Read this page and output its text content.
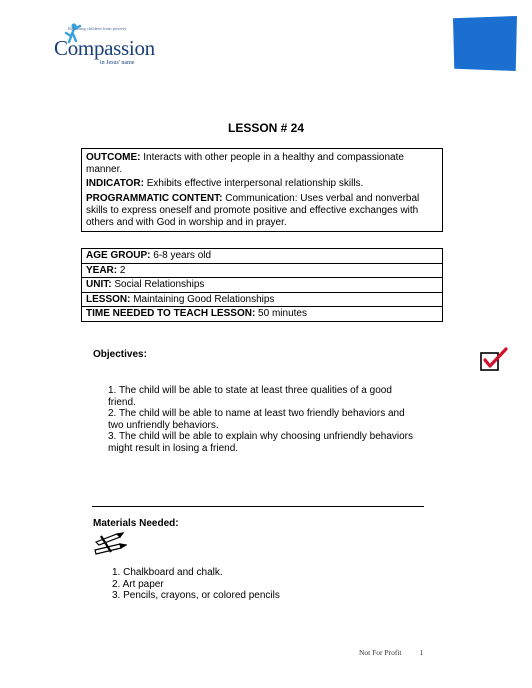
Releasing children from poverty
Compassion
in Jesus' name
LESSON # 24

OUTCOME: Interacts with other people in a healthy and compassionate manner.

INDICATOR: Exhibits effective interpersonal relationship skills.

PROGRAMMATIC CONTENT: Communication: Uses verbal and nonverbal skills to express oneself and promote positive and effective exchanges with others and with God in worship and in prayer.

AGE GROUP: 6-8 years old
YEAR: 2
UNIT: Social Relationships
LESSON: Maintaining Good Relationships
TIME NEEDED TO TEACH LESSON: 50 minutes
Objectives:
1. The child will be able to state at least three qualities of a good friend.
2. The child will be able to name at least two friendly behaviors and two unfriendly behaviors.
3. The child will be able to explain why choosing unfriendly behaviors might result in losing a friend.
Materials Needed:
1. Chalkboard and chalk.
2. Art paper
3. Pencils, crayons, or colored pencils
Not For Profit 1
